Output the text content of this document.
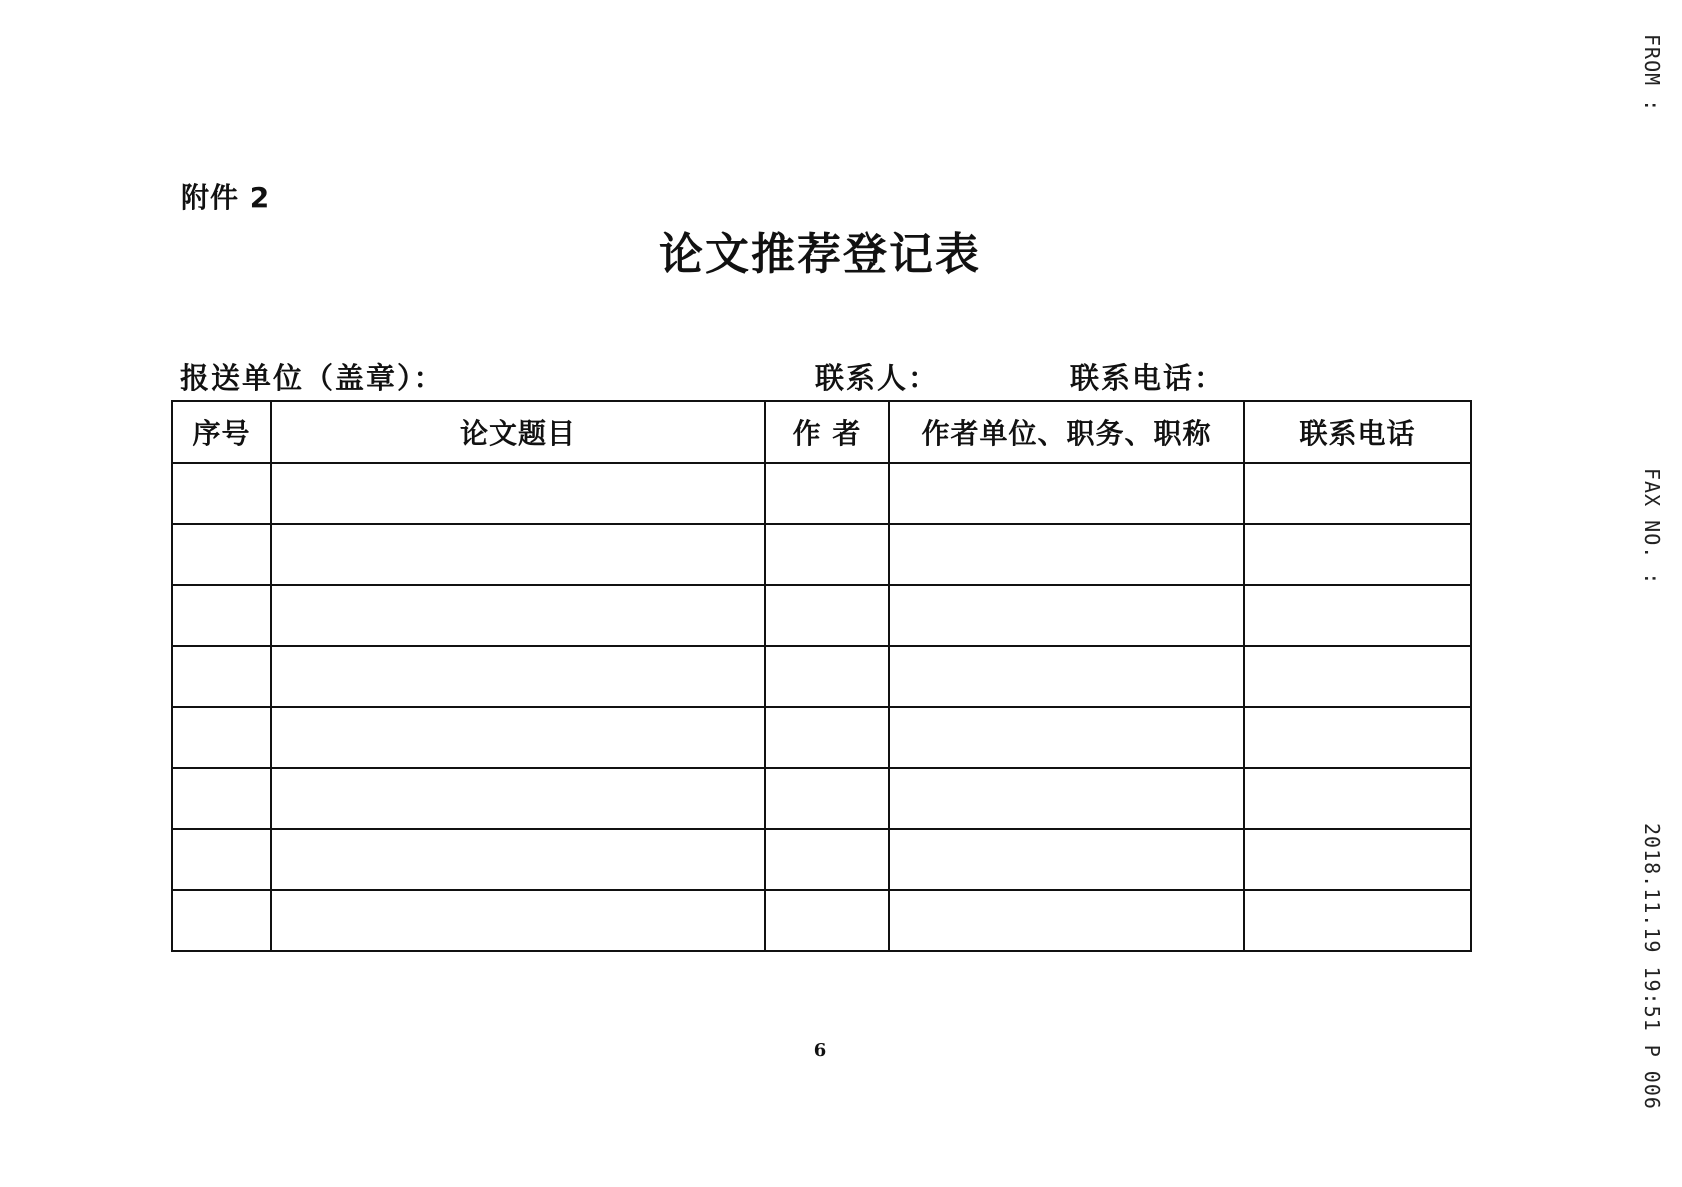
附件 2
论文推荐登记表
报送单位（盖章）：	联系人：	联系电话：
序号	论文题目	作 者	作者单位、职务、职称	联系电话

6
FROM :
FAX NO. :
2018.11.19 19:51 P 006
